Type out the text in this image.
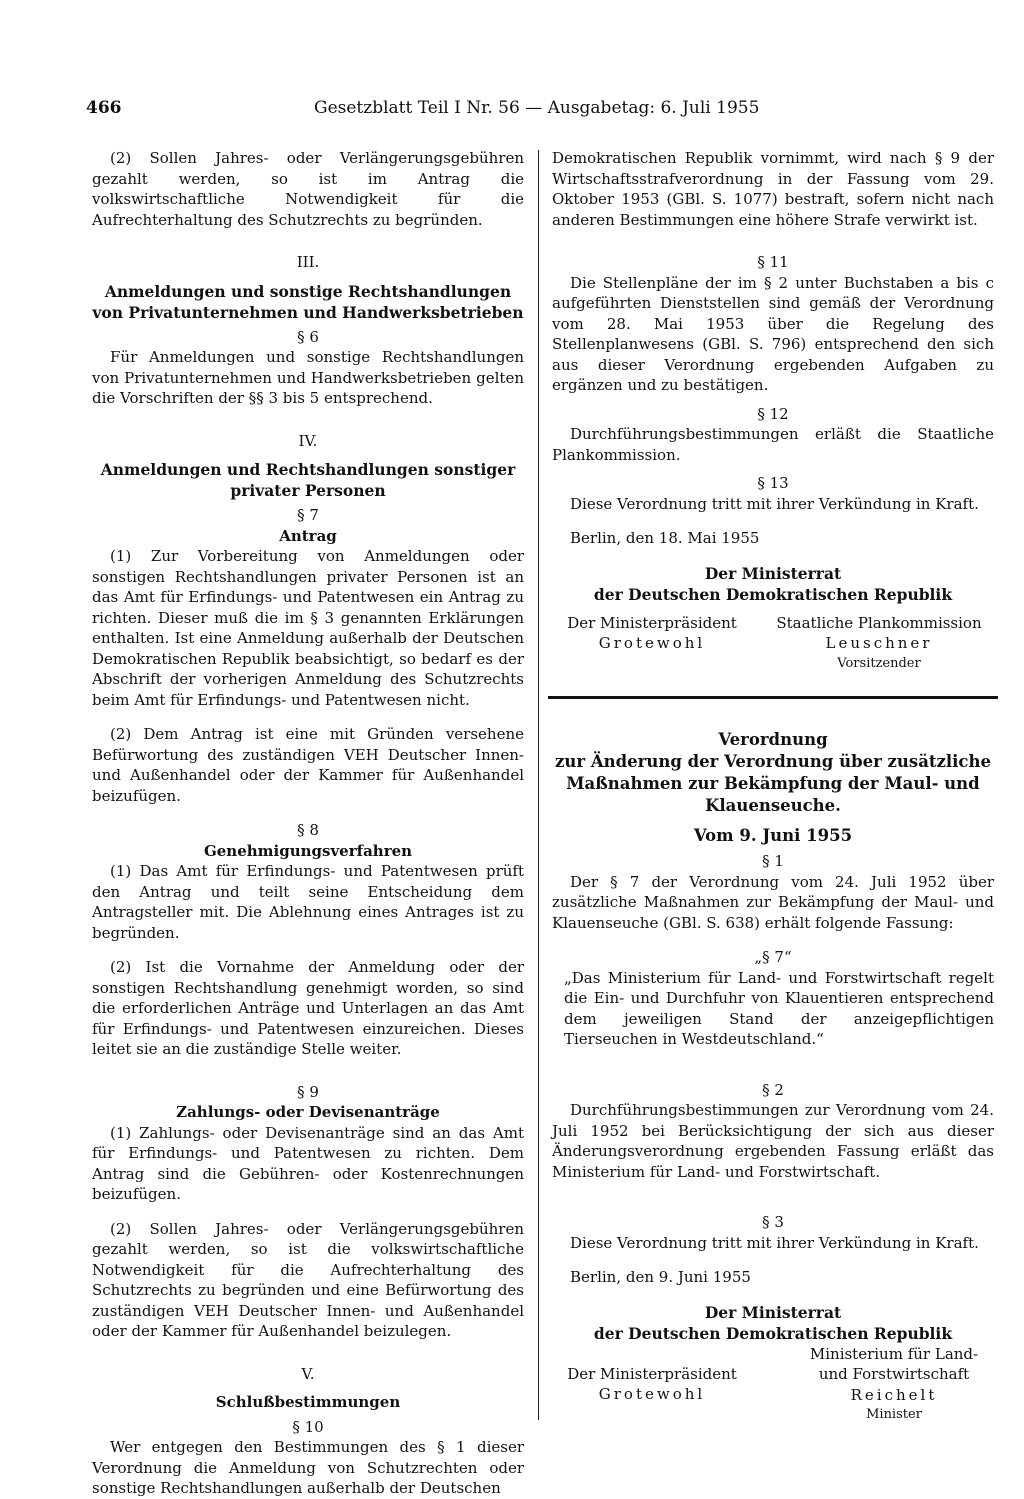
466	Gesetzblatt Teil I Nr. 56 — Ausgabetag: 6. Juli 1955

(2) Sollen Jahres- oder Verlängerungsgebühren gezahlt werden, so ist im Antrag die volkswirtschaftliche Notwendigkeit für die Aufrechterhaltung des Schutzrechts zu begründen.

III.

Anmeldungen und sonstige Rechtshandlungen

von Privatunternehmen und Handwerksbetrieben

§ 6

Für Anmeldungen und sonstige Rechtshandlungen von Privatunternehmen und Handwerksbetrieben gelten die Vorschriften der §§ 3 bis 5 entsprechend.

IV.

Anmeldungen und Rechtshandlungen sonstiger

privater Personen

§ 7

Antrag

(1) Zur Vorbereitung von Anmeldungen oder sonstigen Rechtshandlungen privater Personen ist an das Amt für Erfindungs- und Patentwesen ein Antrag zu richten. Dieser muß die im § 3 genannten Erklärungen enthalten. Ist eine Anmeldung außerhalb der Deutschen Demokratischen Republik beabsichtigt, so bedarf es der Abschrift der vorherigen Anmeldung des Schutzrechts beim Amt für Erfindungs- und Patentwesen nicht.

(2) Dem Antrag ist eine mit Gründen versehene Befürwortung des zuständigen VEH Deutscher Innen- und Außenhandel oder der Kammer für Außenhandel beizufügen.

§ 8

Genehmigungsverfahren

(1) Das Amt für Erfindungs- und Patentwesen prüft den Antrag und teilt seine Entscheidung dem Antragsteller mit. Die Ablehnung eines Antrages ist zu begründen.

(2) Ist die Vornahme der Anmeldung oder der sonstigen Rechtshandlung genehmigt worden, so sind die erforderlichen Anträge und Unterlagen an das Amt für Erfindungs- und Patentwesen einzureichen. Dieses leitet sie an die zuständige Stelle weiter.

§ 9

Zahlungs- oder Devisenanträge

(1) Zahlungs- oder Devisenanträge sind an das Amt für Erfindungs- und Patentwesen zu richten. Dem Antrag sind die Gebühren- oder Kostenrechnungen beizufügen.

(2) Sollen Jahres- oder Verlängerungsgebühren gezahlt werden, so ist die volkswirtschaftliche Notwendigkeit für die Aufrechterhaltung des Schutzrechts zu begründen und eine Befürwortung des zuständigen VEH Deutscher Innen- und Außenhandel oder der Kammer für Außenhandel beizulegen.

V.

Schlußbestimmungen

§ 10

Wer entgegen den Bestimmungen des § 1 dieser Verordnung die Anmeldung von Schutzrechten oder sonstige Rechtshandlungen außerhalb der Deutschen

Demokratischen Republik vornimmt, wird nach § 9 der Wirtschaftsstrafverordnung in der Fassung vom 29. Oktober 1953 (GBl. S. 1077) bestraft, sofern nicht nach anderen Bestimmungen eine höhere Strafe verwirkt ist.

§ 11

Die Stellenpläne der im § 2 unter Buchstaben a bis c aufgeführten Dienststellen sind gemäß der Verordnung vom 28. Mai 1953 über die Regelung des Stellenplanwesens (GBl. S. 796) entsprechend den sich aus dieser Verordnung ergebenden Aufgaben zu ergänzen und zu bestätigen.

§ 12

Durchführungsbestimmungen erläßt die Staatliche Plankommission.

§ 13

Diese Verordnung tritt mit ihrer Verkündung in Kraft.

Berlin, den 18. Mai 1955

Der Ministerrat

der Deutschen Demokratischen Republik

Der Ministerpräsident
Grotewohl
Staatliche Plankommission
Leuschner
Vorsitzender

Verordnung

zur Änderung der Verordnung über zusätzliche

Maßnahmen zur Bekämpfung der Maul- und

Klauenseuche.

Vom 9. Juni 1955

§ 1

Der § 7 der Verordnung vom 24. Juli 1952 über zusätzliche Maßnahmen zur Bekämpfung der Maul- und Klauenseuche (GBl. S. 638) erhält folgende Fassung:

„§ 7“

„Das Ministerium für Land- und Forstwirtschaft regelt die Ein- und Durchfuhr von Klauentieren entsprechend dem jeweiligen Stand der anzeigepflichtigen Tierseuchen in Westdeutschland.“

§ 2

Durchführungsbestimmungen zur Verordnung vom 24. Juli 1952 bei Berücksichtigung der sich aus dieser Änderungsverordnung ergebenden Fassung erläßt das Ministerium für Land- und Forstwirtschaft.

§ 3

Diese Verordnung tritt mit ihrer Verkündung in Kraft.

Berlin, den 9. Juni 1955

Der Ministerrat

der Deutschen Demokratischen Republik

Der Ministerpräsident
Grotewohl
Ministerium für Land-
und Forstwirtschaft
Reichelt
Minister
